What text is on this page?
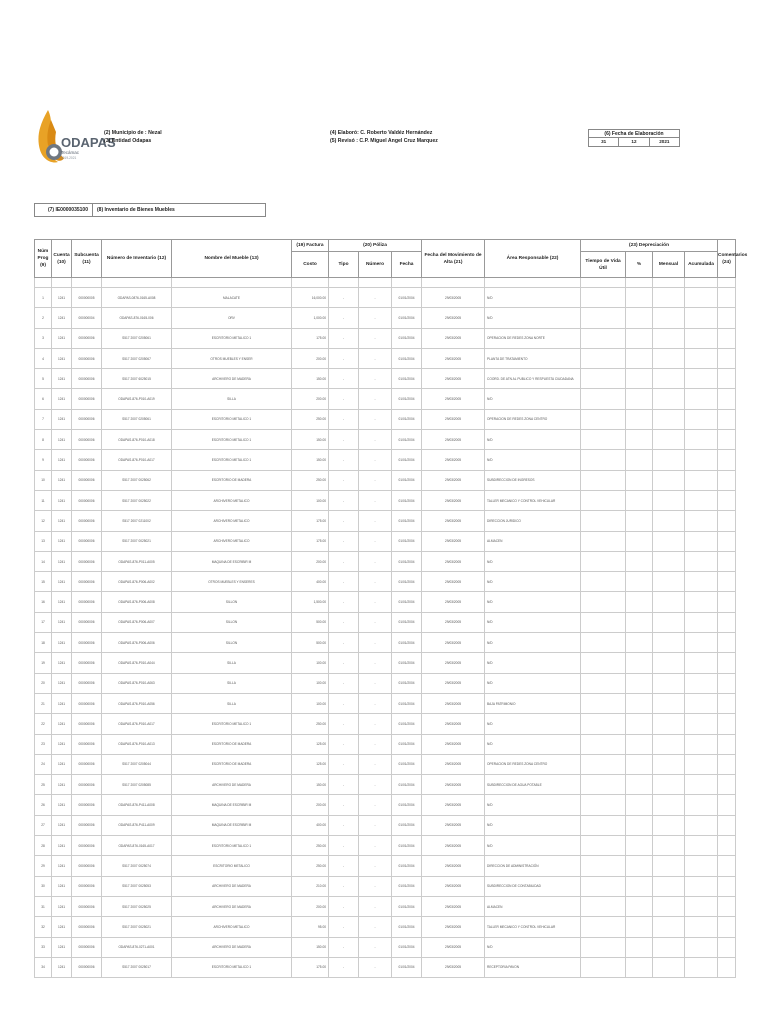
ODAPAS
Tecámac
2019-2021
(2) Municipio de : Nezal
(3) Entidad Odapas
(4) Elaboró: C. Roberto Valdéz Hernández
(5) Revisó : C.P. Miguel Angel Cruz Marquez
(6) Fecha de Elaboración
31	12	2021
(7) IE0000035100	(8) Inventario de Bienes Muebles
Núm Prog (9)	Cuenta (10)	Subcuenta (11)	Número de Inventario (12)	Nombre del Mueble (13)	(19) Factura	(20) Póliza			Fecha del Movimiento de Alta (21)	Área Responsable (22)	(23) Depreciación				Comentarios (24)
					Costo	Tipo	Número	Fecha			Tiempo de Vida Útil	%	Mensual	Acumulada	

1	1241	000000005	ODAPAS-0876-0165-A008	MALACATE	16,000.00	-	-	01/01/2004	29/03/2005	N/D					
2	1241	000000004	ODAPAS-876-0165-006	ORV	1,000.00	-	-	01/01/2004	29/03/2005	N/D					
3	1241	000000006	S517 2007 0205061	ESCRITORIO METALICO 1	175.00	-	-	01/01/2004	29/03/2005	OPERACION DE REDES ZONA NORTE					
4	1241	000000006	S517 2007 0205067	OTROS MUEBLES Y ENSER	200.00	-	-	01/01/2004	29/03/2005	PLANTA DE TRATAMIENTO					
5	1241	000000006	S517 2007 6025015	ARCHIVERO DE MADERA	150.00	-	-	01/01/2004	29/03/2005	COORD. DE ATN AL PUBLICO Y RESPUESTA CIUDADANA					
6	1241	000000006	ODAPAS-876-P010-A019	SILLA	200.00	-	-	01/01/2004	29/03/2005	N/D					
7	1241	000000006	S517 2007 0205061	ESCRITORIO METALICO 1	250.00	-	-	01/01/2004	29/03/2005	OPERACION DE REDES ZONA CENTRO					
8	1241	000000006	ODAPAS-876-P010-A018	ESCRITORIO METALICO 1	150.00	-	-	01/01/2004	29/03/2005	N/D					
9	1241	000000006	ODAPAS-876-P010-A017	ESCRITORIO METALICO 1	150.00	-	-	01/01/2004	29/03/2005	N/D					
10	1241	000000006	S517 2007 0025062	ESCRITORIO DE MADERA	250.00	-	-	01/01/2004	29/03/2005	SUBDIRECCION DE INGRESOS					
11	1241	000000006	S517 2007 0025022	ARCHIVERO METALICO	100.00	-	-	01/01/2004	29/03/2005	TALLER MECANICO Y CONTROL VEHICULAR					
12	1241	000000006	S517 2007 0211002	ARCHIVERO METALICO	175.00	-	-	01/01/2004	29/03/2005	DIRECCION JURIDICO					
13	1241	000000006	S517 2007 0025021	ARCHIVERO METALICO	175.00	-	-	01/01/2004	29/03/2005	ALMACEN					
14	1241	000000006	ODAPAS-876-P011-A005	MAQUINA DE ESCRIBIR M	200.00	-	-	01/01/2004	29/03/2005	N/D					
15	1241	000000006	ODAPAS-876-P006-A002	OTROS MUEBLES Y ENSERES	400.00	-	-	01/01/2004	29/03/2005	N/D					
16	1241	000000006	ODAPAS-876-P006-A008	SILLON	1,500.00	-	-	01/01/2004	29/03/2005	N/D					
17	1241	000000006	ODAPAS-876-P006-A007	SILLON	500.00	-	-	01/01/2004	29/03/2005	N/D					
18	1241	000000006	ODAPAS-876-P006-A006	SILLON	500.00	-	-	01/01/2004	29/03/2005	N/D					
19	1241	000000006	ODAPAS-876-P010-A044	SILLA	100.00	-	-	01/01/2004	29/03/2005	N/D					
20	1241	000000006	ODAPAS-876-P010-A063	SILLA	100.00	-	-	01/01/2004	29/03/2005	N/D					
21	1241	000000006	ODAPAS-876-P010-A056	SILLA	100.00	-	-	01/01/2004	29/03/2005	BAJA PATRIMONIO					
22	1241	000000006	ODAPAS-876-P010-A017	ESCRITORIO METALICO 1	250.00	-	-	01/01/2004	29/03/2005	N/D					
23	1241	000000006	ODAPAS-876-P010-A013	ESCRITORIO DE MADERA	125.00	-	-	01/01/2004	29/03/2005	N/D					
24	1241	000000006	S517 2007 0205044	ESCRITORIO DE MADERA	125.00	-	-	01/01/2004	29/03/2005	OPERACION DE REDES ZONA CENTRO					
25	1241	000000006	S517 2007 0205085	ARCHIVERO DE MADERA	150.00	-	-	01/01/2004	29/03/2005	SUBDIRECCION DE AGUA POTABLE					
26	1241	000000006	ODAPAS-876-P411-A008	MAQUINA DE ESCRIBIR M	200.00	-	-	01/01/2004	29/03/2005	N/D					
27	1241	000000006	ODAPAS-876-P411-A009	MAQUINA DE ESCRIBIR M	400.00	-	-	01/01/2004	29/03/2005	N/D					
28	1241	000000006	ODAPAS-876-0165-A017	ESCRITORIO METALICO 1	250.00	-	-	01/01/2004	29/03/2005	N/D					
29	1241	000000006	S517 2007 0025074	ESCRITORIO METALICO	250.00	-	-	01/01/2004	29/03/2005	DIRECCION DE ADMINISTRACIÓN					
30	1241	000000006	S517 2007 0025053	ARCHIVERO DE MADERA	210.00	-	-	01/01/2004	29/03/2005	SUBDIRECCION DE CONTABILIDAD					
31	1241	000000006	S517 2007 0025025	ARCHIVERO DE MADERA	200.00	-	-	01/01/2004	29/03/2005	ALMACEN					
32	1241	000000006	S517 2007 0025021	ARCHIVERO METALICO	95.00	-	-	01/01/2004	29/03/2005	TALLER MECANICO Y CONTROL VEHICULAR					
33	1241	000000006	ODAPAS-876-0271-A001	ARCHIVERO DE MADERA	150.00	-	-	01/01/2004	29/03/2005	N/D					
34	1241	000000006	S517 2007 0025017	ESCRITORIO METALICO 1	175.00	-	-	01/01/2004	29/03/2005	RECEPTORIA PAVON					
